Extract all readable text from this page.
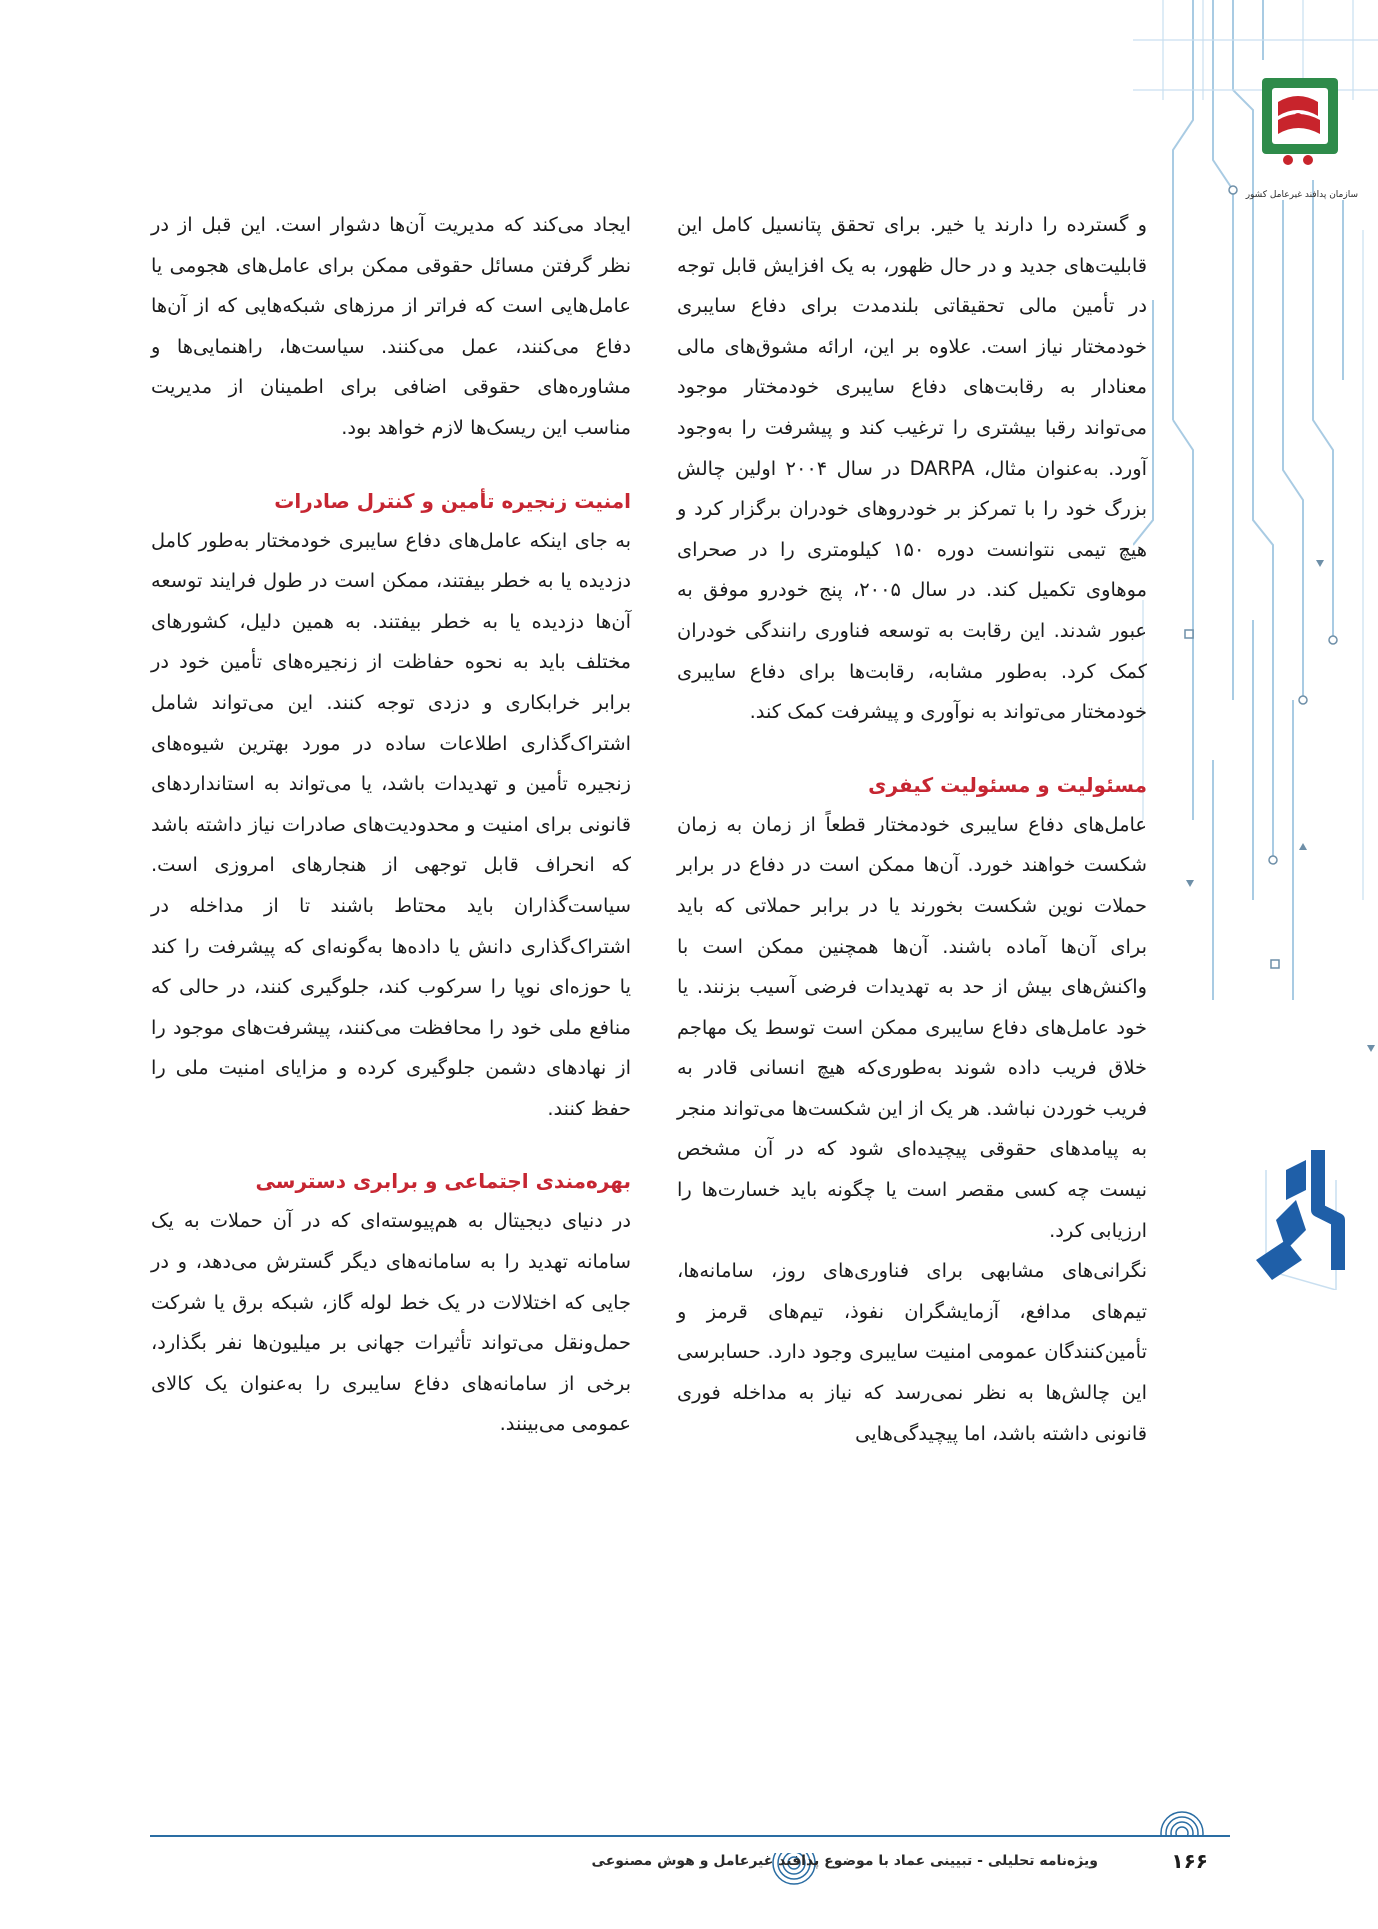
سازمان پدافند غیرعامل کشور

و گسترده را دارند یا خیر. برای تحقق پتانسیل کامل این قابلیت‌های جدید و در حال ظهور، به یک افزایش قابل توجه در تأمین مالی تحقیقاتی بلندمدت برای دفاع سایبری خودمختار نیاز است. علاوه بر این، ارائه مشوق‌های مالی معنادار به رقابت‌های دفاع سایبری خودمختار موجود می‌تواند رقبا بیشتری را ترغیب کند و پیشرفت را به‌وجود آورد. به‌عنوان مثال، DARPA در سال ۲۰۰۴ اولین چالش بزرگ خود را با تمرکز بر خودروهای خودران برگزار کرد و هیچ تیمی نتوانست دوره ۱۵۰ کیلومتری را در صحرای موهاوی تکمیل کند. در سال ۲۰۰۵، پنج خودرو موفق به عبور شدند. این رقابت به توسعه فناوری رانندگی خودران کمک کرد. به‌طور مشابه، رقابت‌ها برای دفاع سایبری خودمختار می‌تواند به نوآوری و پیشرفت کمک کند.

مسئولیت و مسئولیت کیفری

عامل‌های دفاع سایبری خودمختار قطعاً از زمان به زمان شکست خواهند خورد. آن‌ها ممکن است در دفاع در برابر حملات نوین شکست بخورند یا در برابر حملاتی که باید برای آن‌ها آماده باشند. آن‌ها همچنین ممکن است با واکنش‌های بیش از حد به تهدیدات فرضی آسیب بزنند. یا خود عامل‌های دفاع سایبری ممکن است توسط یک مهاجم خلاق فریب داده شوند به‌طوری‌که هیچ انسانی قادر به فریب خوردن نباشد. هر یک از این شکست‌ها می‌تواند منجر به پیامدهای حقوقی پیچیده‌ای شود که در آن مشخص نیست چه کسی مقصر است یا چگونه باید خسارت‌ها را ارزیابی کرد.

نگرانی‌های مشابهی برای فناوری‌های روز، سامانه‌ها، تیم‌های مدافع، آزمایشگران نفوذ، تیم‌های قرمز و تأمین‌کنندگان عمومی امنیت سایبری وجود دارد. حسابرسی این چالش‌ها به نظر نمی‌رسد که نیاز به مداخله فوری قانونی داشته باشد، اما پیچیدگی‌هایی

ایجاد می‌کند که مدیریت آن‌ها دشوار است. این قبل از در نظر گرفتن مسائل حقوقی ممکن برای عامل‌های هجومی یا عامل‌هایی است که فراتر از مرزهای شبکه‌هایی که از آن‌ها دفاع می‌کنند، عمل می‌کنند. سیاست‌ها، راهنمایی‌ها و مشاوره‌های حقوقی اضافی برای اطمینان از مدیریت مناسب این ریسک‌ها لازم خواهد بود.

امنیت زنجیره تأمین و کنترل صادرات

به جای اینکه عامل‌های دفاع سایبری خودمختار به‌طور کامل دزدیده یا به خطر بیفتند، ممکن است در طول فرایند توسعه آن‌ها دزدیده یا به خطر بیفتند. به همین دلیل، کشورهای مختلف باید به نحوه حفاظت از زنجیره‌های تأمین خود در برابر خرابکاری و دزدی توجه کنند. این می‌تواند شامل اشتراک‌گذاری اطلاعات ساده در مورد بهترین شیوه‌های زنجیره تأمین و تهدیدات باشد، یا می‌تواند به استانداردهای قانونی برای امنیت و محدودیت‌های صادرات نیاز داشته باشد که انحراف قابل توجهی از هنجارهای امروزی است. سیاست‌گذاران باید محتاط باشند تا از مداخله در اشتراک‌گذاری دانش یا داده‌ها به‌گونه‌ای که پیشرفت را کند یا حوزه‌ای نوپا را سرکوب کند، جلوگیری کنند، در حالی که منافع ملی خود را محافظت می‌کنند، پیشرفت‌های موجود را از نهادهای دشمن جلوگیری کرده و مزایای امنیت ملی را حفظ کنند.

بهره‌مندی اجتماعی و برابری دسترسی

در دنیای دیجیتال به هم‌پیوسته‌ای که در آن حملات به یک سامانه تهدید را به سامانه‌های دیگر گسترش می‌دهد، و در جایی که اختلالات در یک خط لوله گاز، شبکه برق یا شرکت حمل‌ونقل می‌تواند تأثیرات جهانی بر میلیون‌ها نفر بگذارد، برخی از سامانه‌های دفاع سایبری را به‌عنوان یک کالای عمومی می‌بینند.

۱۶۶
ویژه‌نامه تحلیلی - تبیینی عماد با موضوع پدافند غیرعامل و هوش مصنوعی
